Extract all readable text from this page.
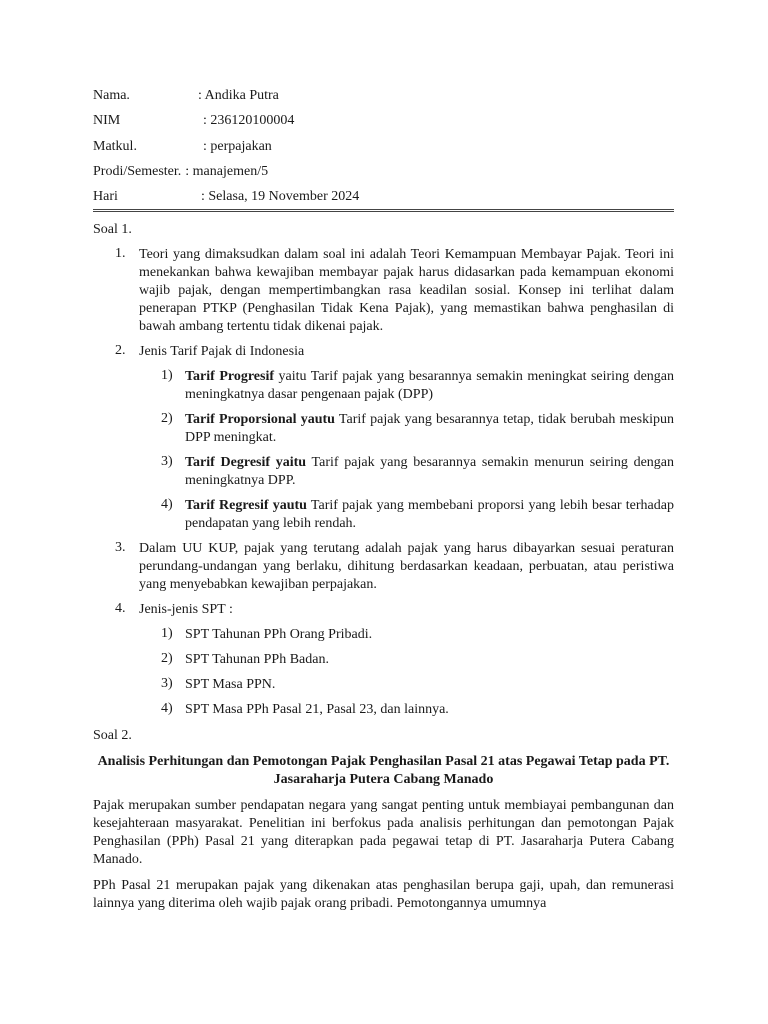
Nama.	: Andika Putra
NIM	: 236120100004
Matkul.	: perpajakan
Prodi/Semester. : manajemen/5
Hari	: Selasa, 19 November 2024

Soal 1.

1. Teori yang dimaksudkan dalam soal ini adalah Teori Kemampuan Membayar Pajak. Teori ini menekankan bahwa kewajiban membayar pajak harus didasarkan pada kemampuan ekonomi wajib pajak, dengan mempertimbangkan rasa keadilan sosial. Konsep ini terlihat dalam penerapan PTKP (Penghasilan Tidak Kena Pajak), yang memastikan bahwa penghasilan di bawah ambang tertentu tidak dikenai pajak.
2. Jenis Tarif Pajak di Indonesia
1) Tarif Progresif yaitu Tarif pajak yang besarannya semakin meningkat seiring dengan meningkatnya dasar pengenaan pajak (DPP)
2) Tarif Proporsional yautu Tarif pajak yang besarannya tetap, tidak berubah meskipun DPP meningkat.
3) Tarif Degresif yaitu Tarif pajak yang besarannya semakin menurun seiring dengan meningkatnya DPP.
4) Tarif Regresif yautu Tarif pajak yang membebani proporsi yang lebih besar terhadap pendapatan yang lebih rendah.
3. Dalam UU KUP, pajak yang terutang adalah pajak yang harus dibayarkan sesuai peraturan perundang-undangan yang berlaku, dihitung berdasarkan keadaan, perbuatan, atau peristiwa yang menyebabkan kewajiban perpajakan.
4. Jenis-jenis SPT :
1) SPT Tahunan PPh Orang Pribadi.
2) SPT Tahunan PPh Badan.
3) SPT Masa PPN.
4) SPT Masa PPh Pasal 21, Pasal 23, dan lainnya.

Soal 2.

Analisis Perhitungan dan Pemotongan Pajak Penghasilan Pasal 21 atas Pegawai Tetap pada PT. Jasaraharja Putera Cabang Manado

Pajak merupakan sumber pendapatan negara yang sangat penting untuk membiayai pembangunan dan kesejahteraan masyarakat. Penelitian ini berfokus pada analisis perhitungan dan pemotongan Pajak Penghasilan (PPh) Pasal 21 yang diterapkan pada pegawai tetap di PT. Jasaraharja Putera Cabang Manado.

PPh Pasal 21 merupakan pajak yang dikenakan atas penghasilan berupa gaji, upah, dan remunerasi lainnya yang diterima oleh wajib pajak orang pribadi. Pemotongannya umumnya
